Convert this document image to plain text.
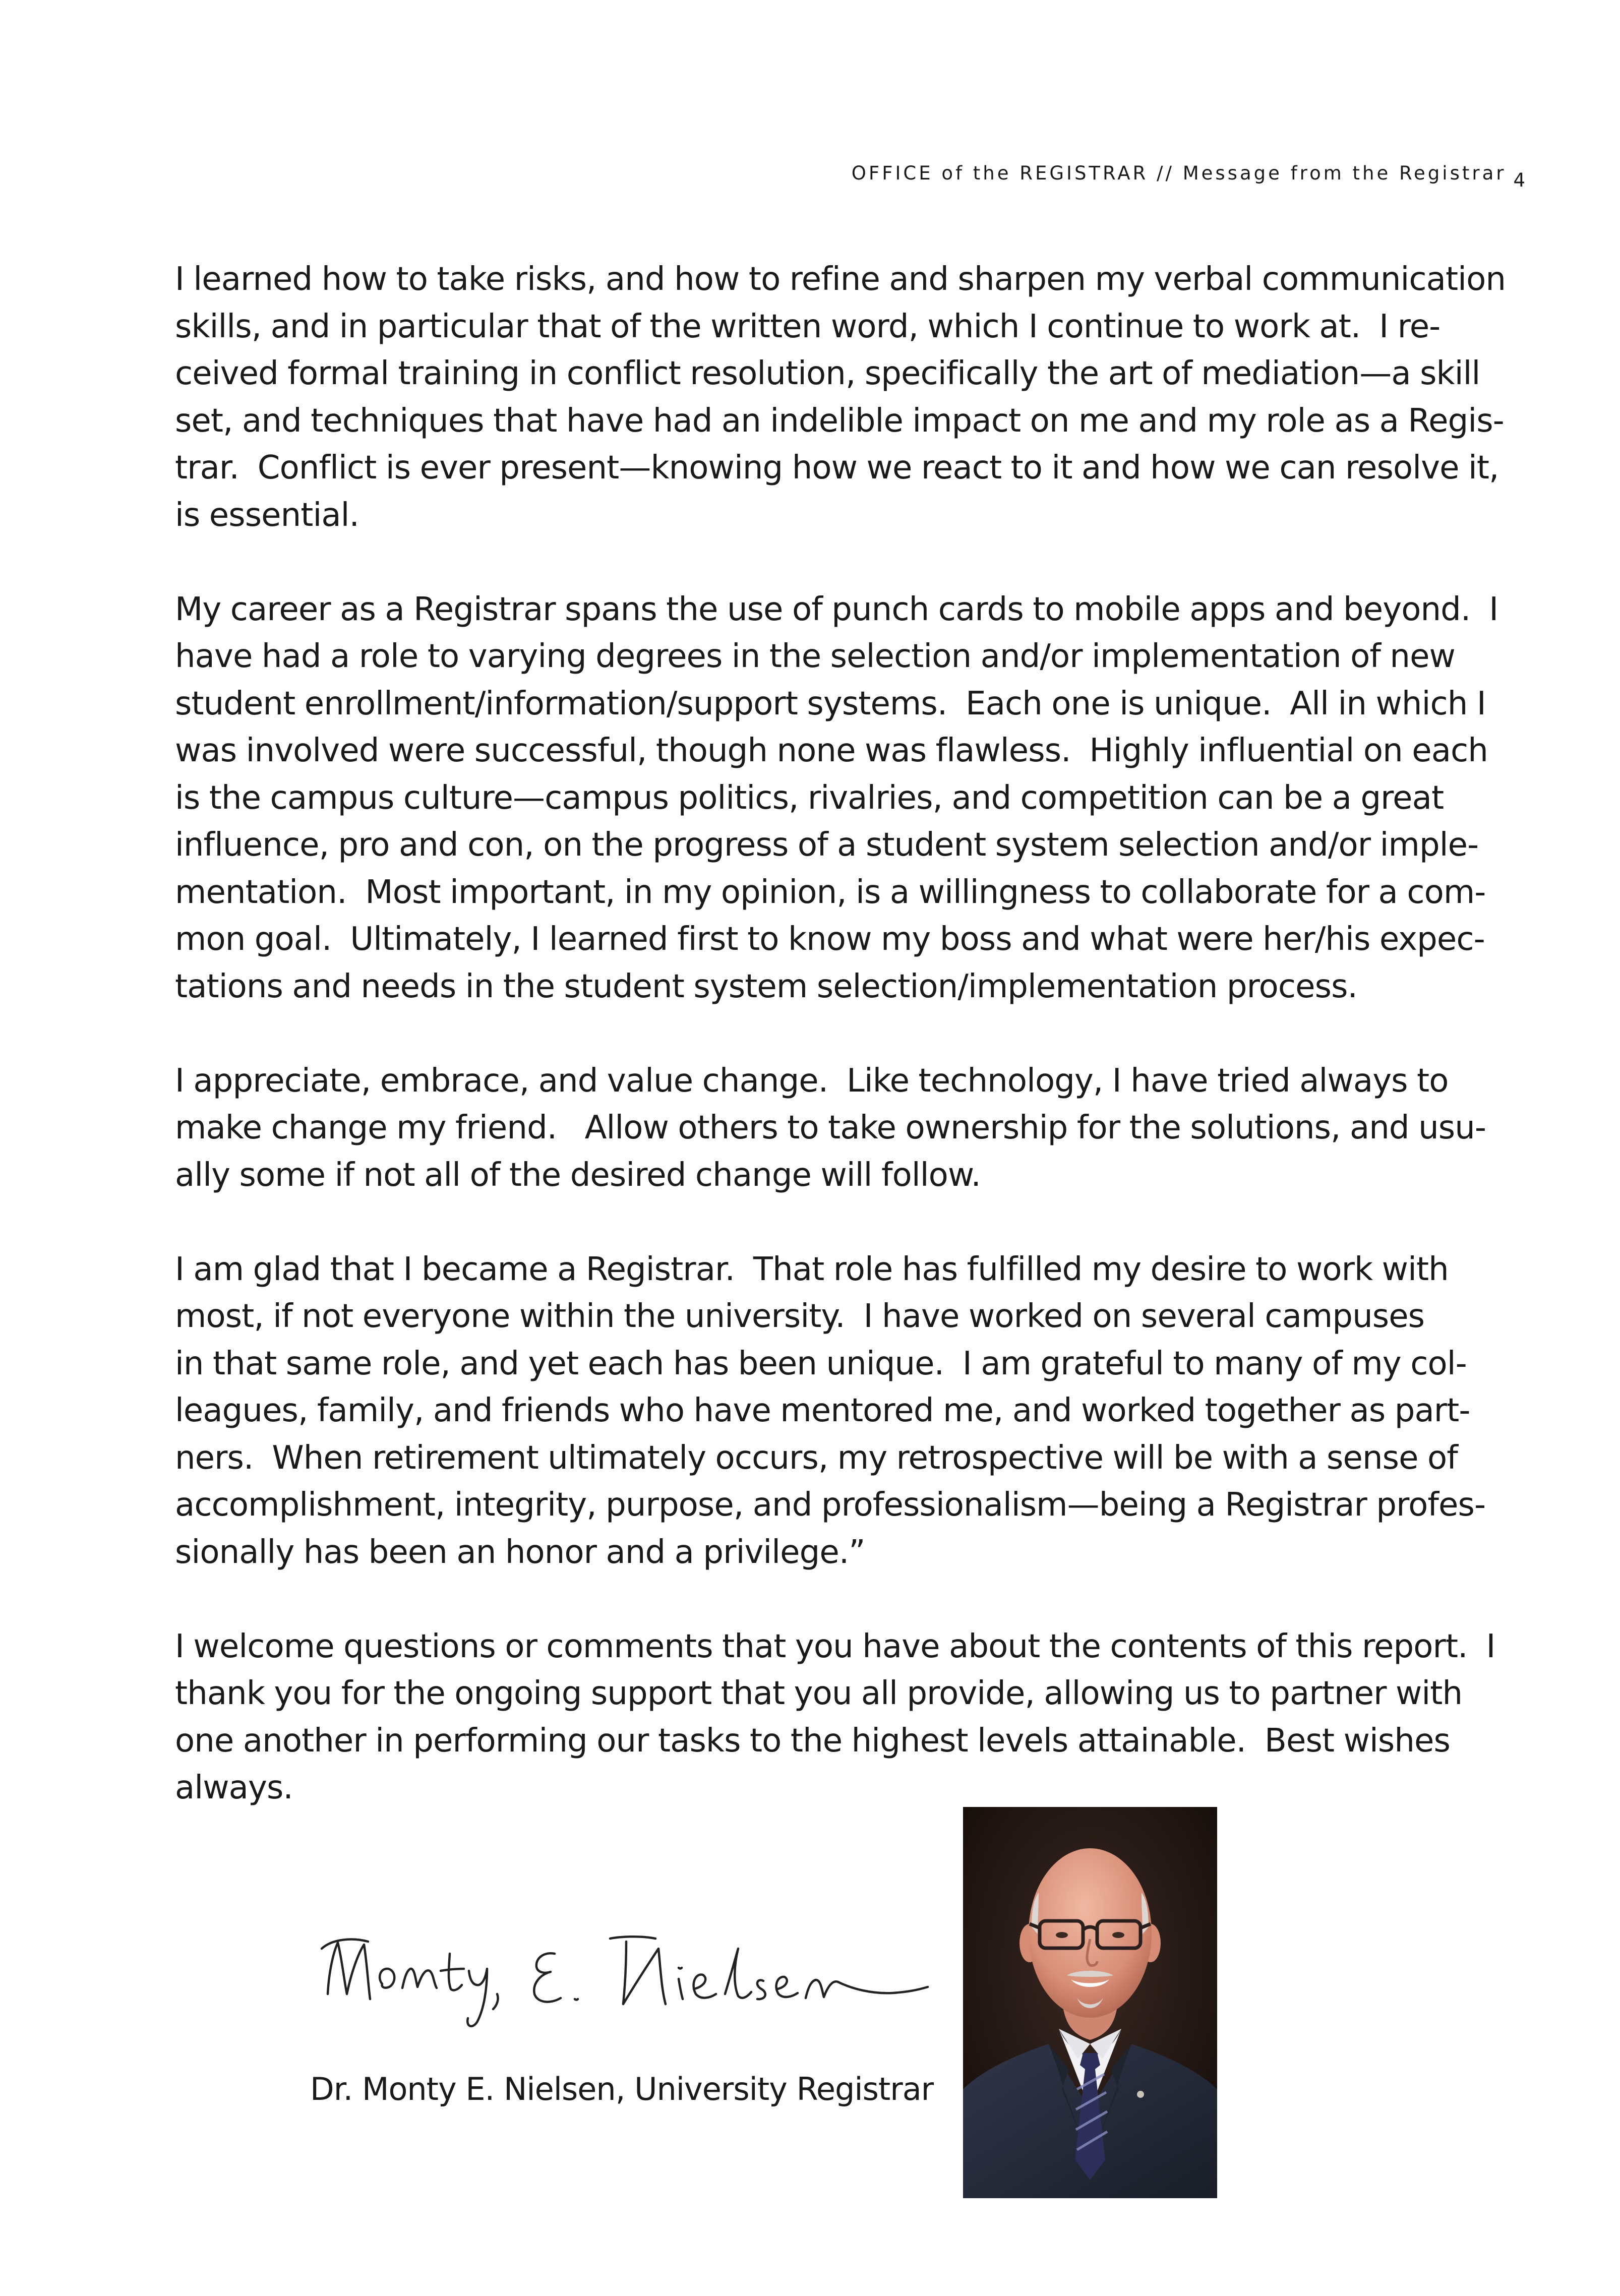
OFFICE of the REGISTRAR // Message from the Registrar 4

I learned how to take risks, and how to refine and sharpen my verbal communication
skills, and in particular that of the written word, which I continue to work at.  I re-
ceived formal training in conflict resolution, specifically the art of mediation—a skill
set, and techniques that have had an indelible impact on me and my role as a Regis-
trar.  Conflict is ever present—knowing how we react to it and how we can resolve it,
is essential.

My career as a Registrar spans the use of punch cards to mobile apps and beyond.  I
have had a role to varying degrees in the selection and/or implementation of new
student enrollment/information/support systems.  Each one is unique.  All in which I
was involved were successful, though none was flawless.  Highly influential on each
is the campus culture—campus politics, rivalries, and competition can be a great
influence, pro and con, on the progress of a student system selection and/or imple-
mentation.  Most important, in my opinion, is a willingness to collaborate for a com-
mon goal.  Ultimately, I learned first to know my boss and what were her/his expec-
tations and needs in the student system selection/implementation process.

I appreciate, embrace, and value change.  Like technology, I have tried always to
make change my friend.   Allow others to take ownership for the solutions, and usu-
ally some if not all of the desired change will follow.

I am glad that I became a Registrar.  That role has fulfilled my desire to work with
most, if not everyone within the university.  I have worked on several campuses
in that same role, and yet each has been unique.  I am grateful to many of my col-
leagues, family, and friends who have mentored me, and worked together as part-
ners.  When retirement ultimately occurs, my retrospective will be with a sense of
accomplishment, integrity, purpose, and professionalism—being a Registrar profes-
sionally has been an honor and a privilege.”

I welcome questions or comments that you have about the contents of this report.  I
thank you for the ongoing support that you all provide, allowing us to partner with
one another in performing our tasks to the highest levels attainable.  Best wishes
always.

Dr. Monty E. Nielsen, University Registrar
